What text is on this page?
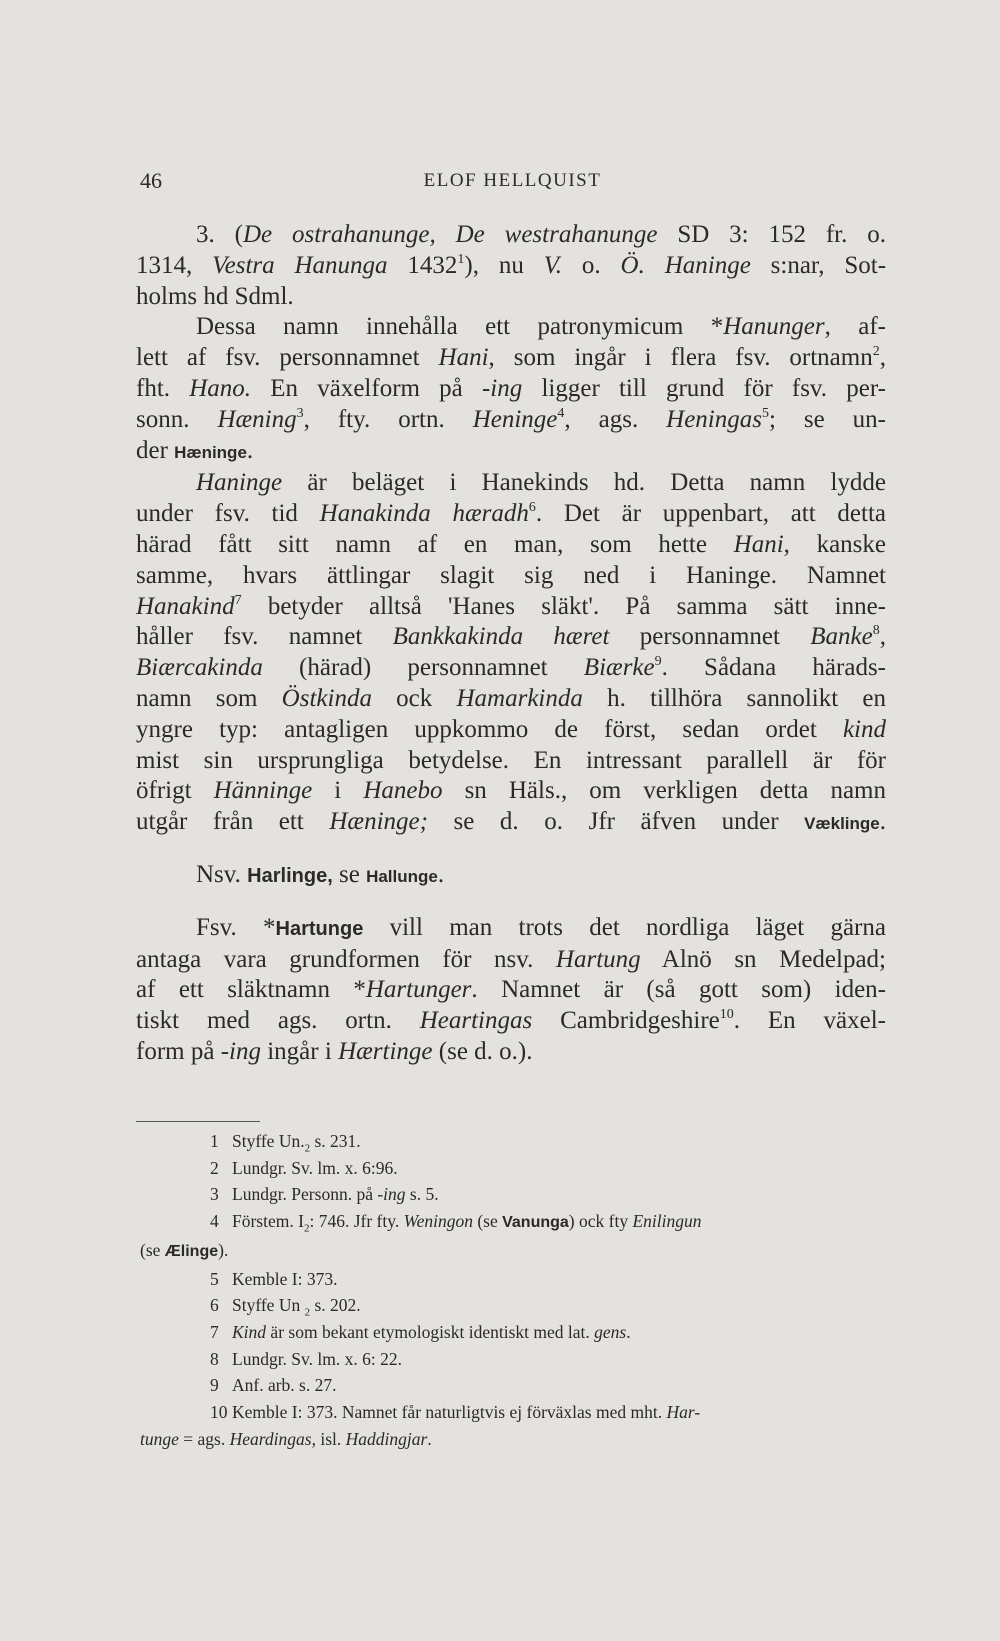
46	ELOF HELLQUIST
3. (De ostrahanunge, De westrahanunge SD 3: 152 fr. o.
1314, Vestra Hanunga 1432$^1$), nu V. o. Ö. Haninge s:nar, Sot-
holms hd Sdml.
Dessa namn innehålla ett patronymicum *Hanunger, af-
lett af fsv. personnamnet Hani, som ingår i flera fsv. ortnamn$^2$,
fht. Hano. En växelform på -ing ligger till grund för fsv. per-
sonn. Hæning$^3$, fty. ortn. Heninge$^4$, ags. Heningas$^5$; se un-
der Hæninge.
Haninge är beläget i Hanekinds hd. Detta namn lydde
under fsv. tid Hanakinda hæradh$^6$. Det är uppenbart, att detta
härad fått sitt namn af en man, som hette Hani, kanske
samme, hvars ättlingar slagit sig ned i Haninge. Namnet
Hanakind$^7$ betyder alltså 'Hanes släkt'. På samma sätt inne-
håller fsv. namnet Bankkakinda hæret personnamnet Banke$^8$,
Biærcakinda (härad) personnamnet Biærke$^9$. Sådana härads-
namn som Östkinda ock Hamarkinda h. tillhöra sannolikt en
yngre typ: antagligen uppkommo de först, sedan ordet kind
mist sin ursprungliga betydelse. En intressant parallell är för
öfrigt Hänninge i Hanebo sn Häls., om verkligen detta namn
utgår från ett Hæninge; se d. o. Jfr äfven under Væklinge.
Nsv. Harlinge, se Hallunge.
Fsv. *Hartunge vill man trots det nordliga läget gärna
antaga vara grundformen för nsv. Hartung Alnö sn Medelpad;
af ett släktnamn *Hartunger. Namnet är (så gott som) iden-
tiskt med ags. ortn. Heartingas Cambridgeshire$^{10}$. En växel-
form på -ing ingår i Hærtinge (se d. o.).
1 Styffe $Un._2$ s. 231.
2 Lundgr. Sv. lm. x. 6:96.
3 Lundgr. Personn. på -ing s. 5.
4 Förstem. $I_2$: 746. Jfr fty. Weningon (se Vanunga) ock fty Enilingun
(se Ælinge).
5 Kemble I: 373.
6 Styffe Un $_2$ s. 202.
7 Kind är som bekant etymologiskt identiskt med lat. gens.
8 Lundgr. Sv. lm. x. 6: 22.
9 Anf. arb. s. 27.
10 Kemble I: 373. Namnet får naturligtvis ej förväxlas med mht. Har-
tunge = ags. Heardingas, isl. Haddingjar.
